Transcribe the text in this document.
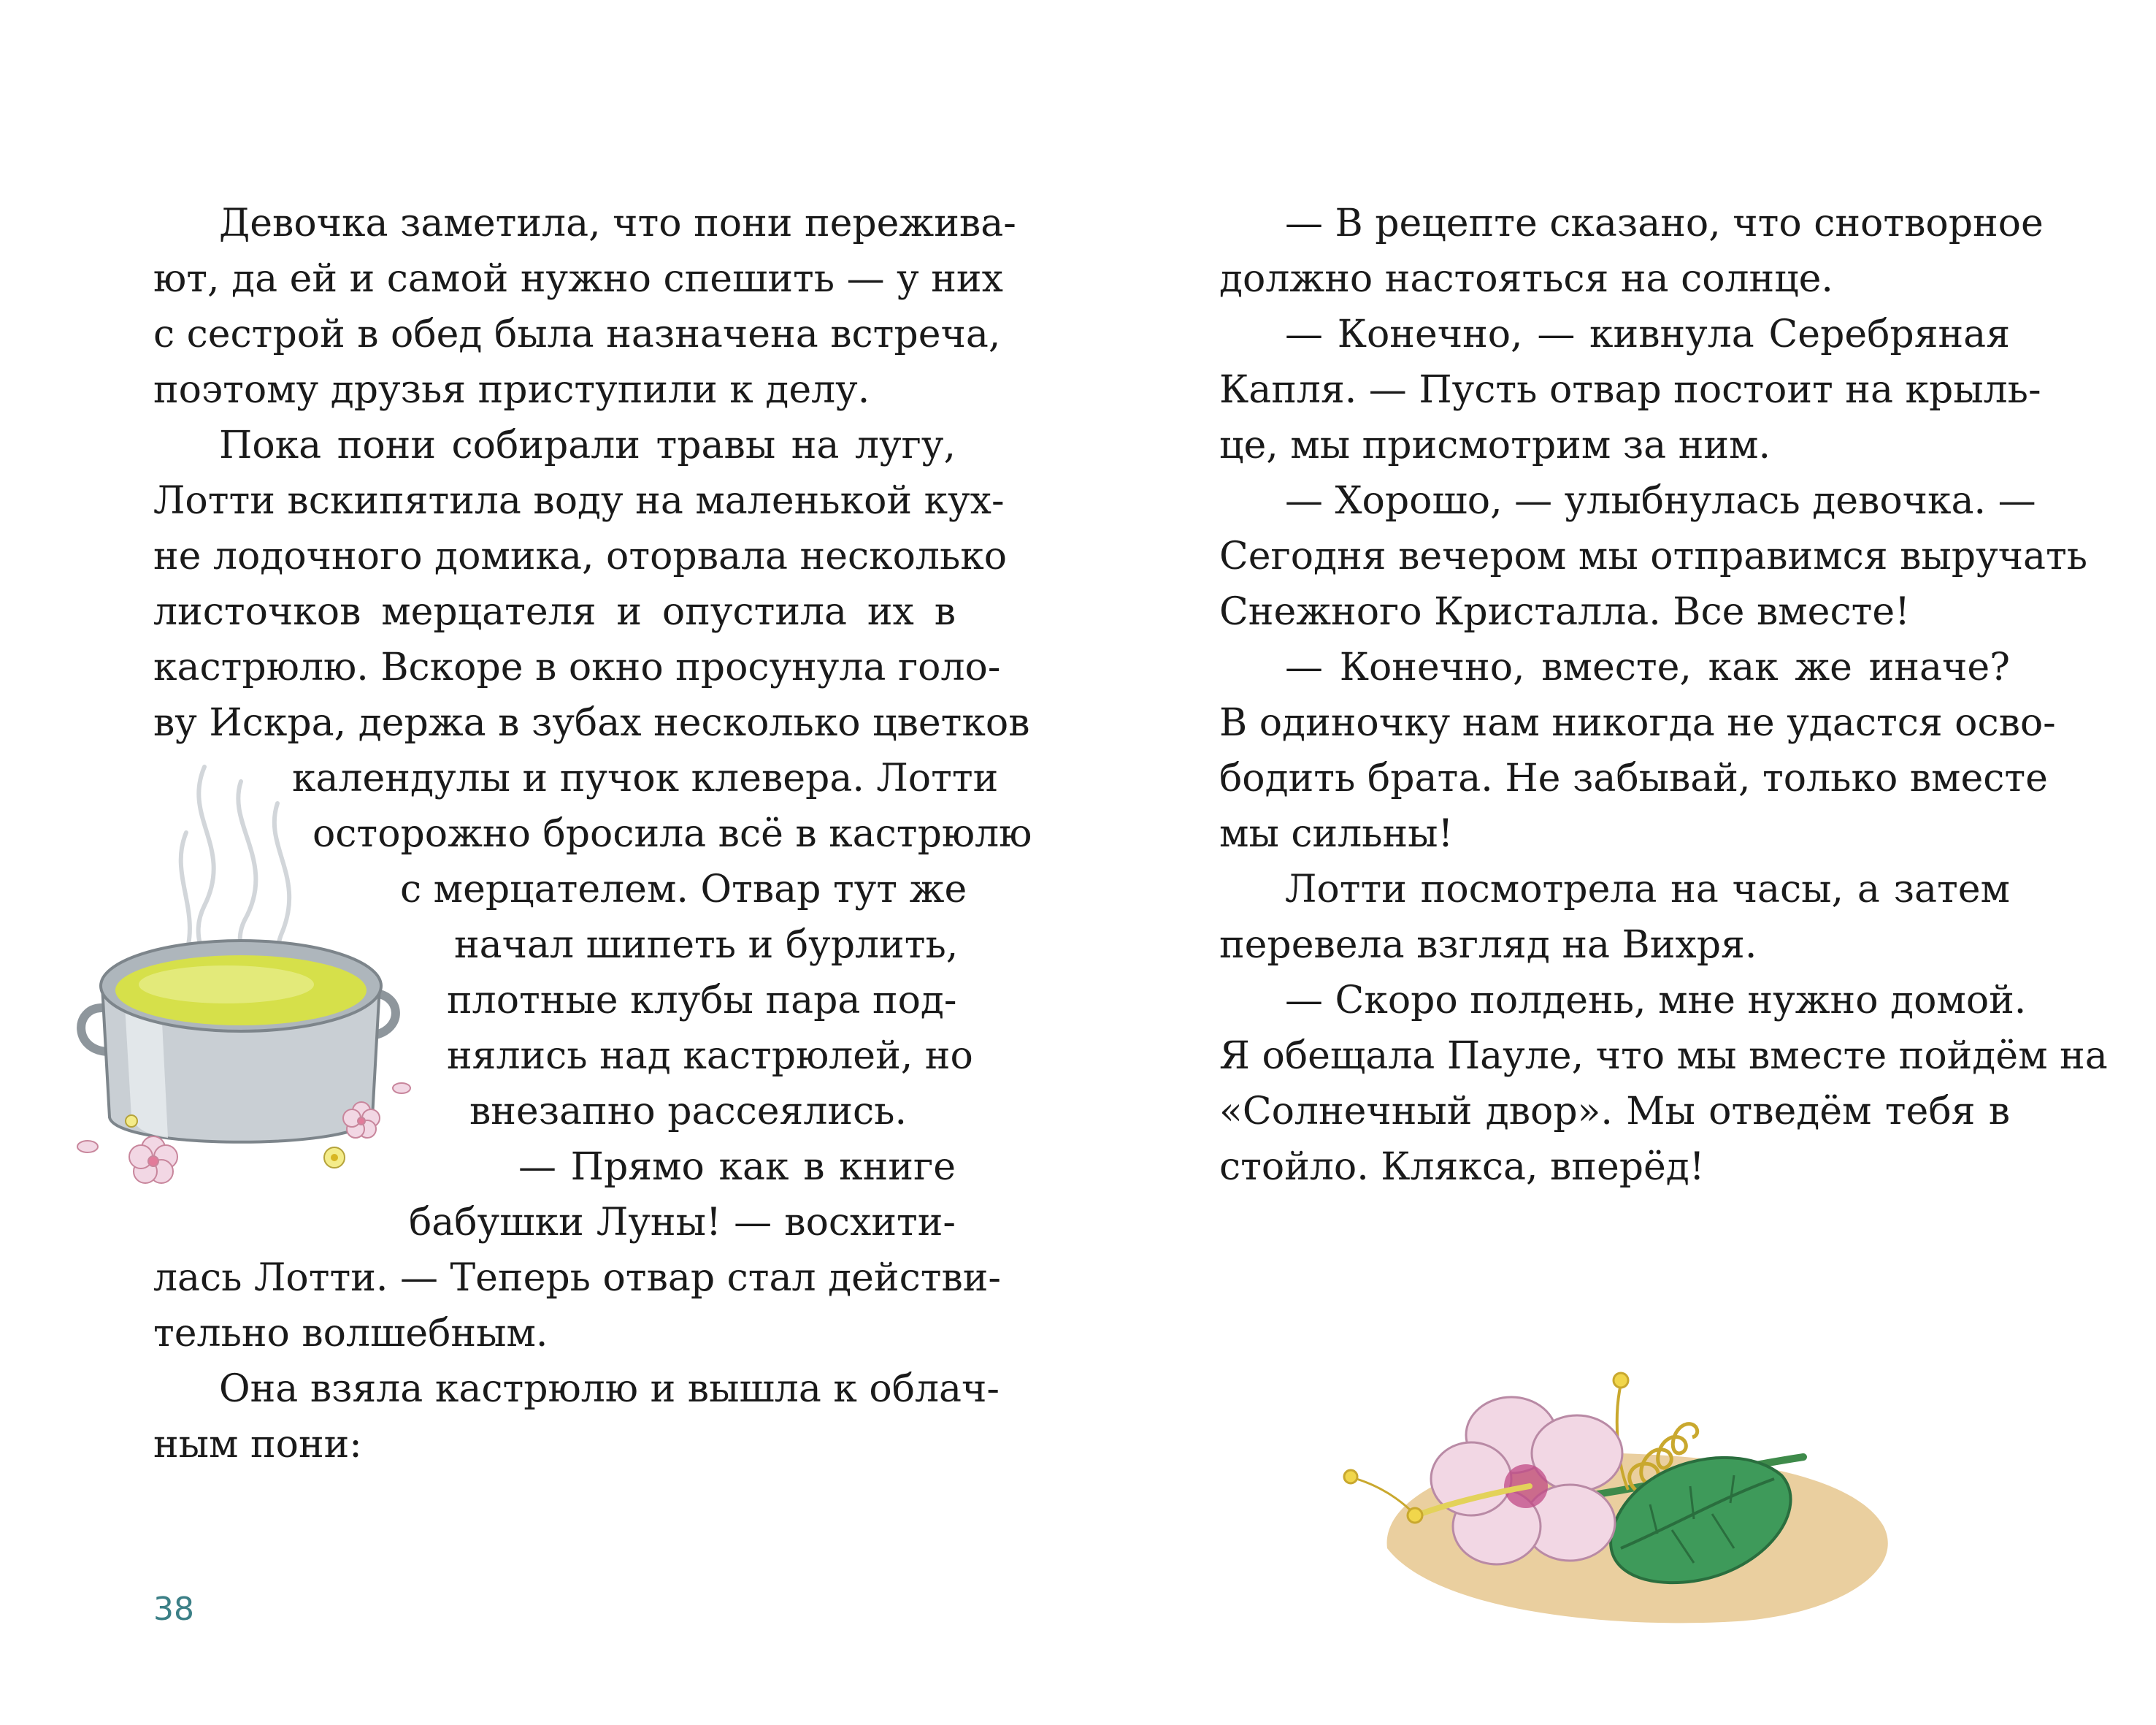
Девочка заметила, что пони пережива-

ют, да ей и самой нужно спешить — у них

с сестрой в обед была назначена встреча,

поэтому друзья приступили к делу.

Пока пони собирали травы на лугу,

Лотти вскипятила воду на маленькой кух-

не лодочного домика, оторвала несколько

листочков мерцателя и опустила их в

кастрюлю. Вскоре в окно просунула голо-

ву Искра, держа в зубах несколько цветков

календулы и пучок клевера. Лотти

осторожно бросила всё в кастрюлю

с мерцателем. Отвар тут же

начал шипеть и бурлить,

плотные клубы пара под-

нялись над кастрюлей, но

внезапно рассеялись.

— Прямо как в книге

бабушки Луны! — восхити-

лась Лотти. — Теперь отвар стал действи-

тельно волшебным.

Она взяла кастрюлю и вышла к облач-

ным пони:

38

— В рецепте сказано, что снотворное

должно настояться на солнце.

— Конечно, — кивнула Серебряная

Капля. — Пусть отвар постоит на крыль-

це, мы присмотрим за ним.

— Хорошо, — улыбнулась девочка. —

Сегодня вечером мы отправимся выручать

Снежного Кристалла. Все вместе!

— Конечно, вместе, как же иначе?

В одиночку нам никогда не удастся осво-

бодить брата. Не забывай, только вместе

мы сильны!

Лотти посмотрела на часы, а затем

перевела взгляд на Вихря.

— Скоро полдень, мне нужно домой.

Я обещала Пауле, что мы вместе пойдём на

«Солнечный двор». Мы отведём тебя в

стойло. Клякса, вперёд!
